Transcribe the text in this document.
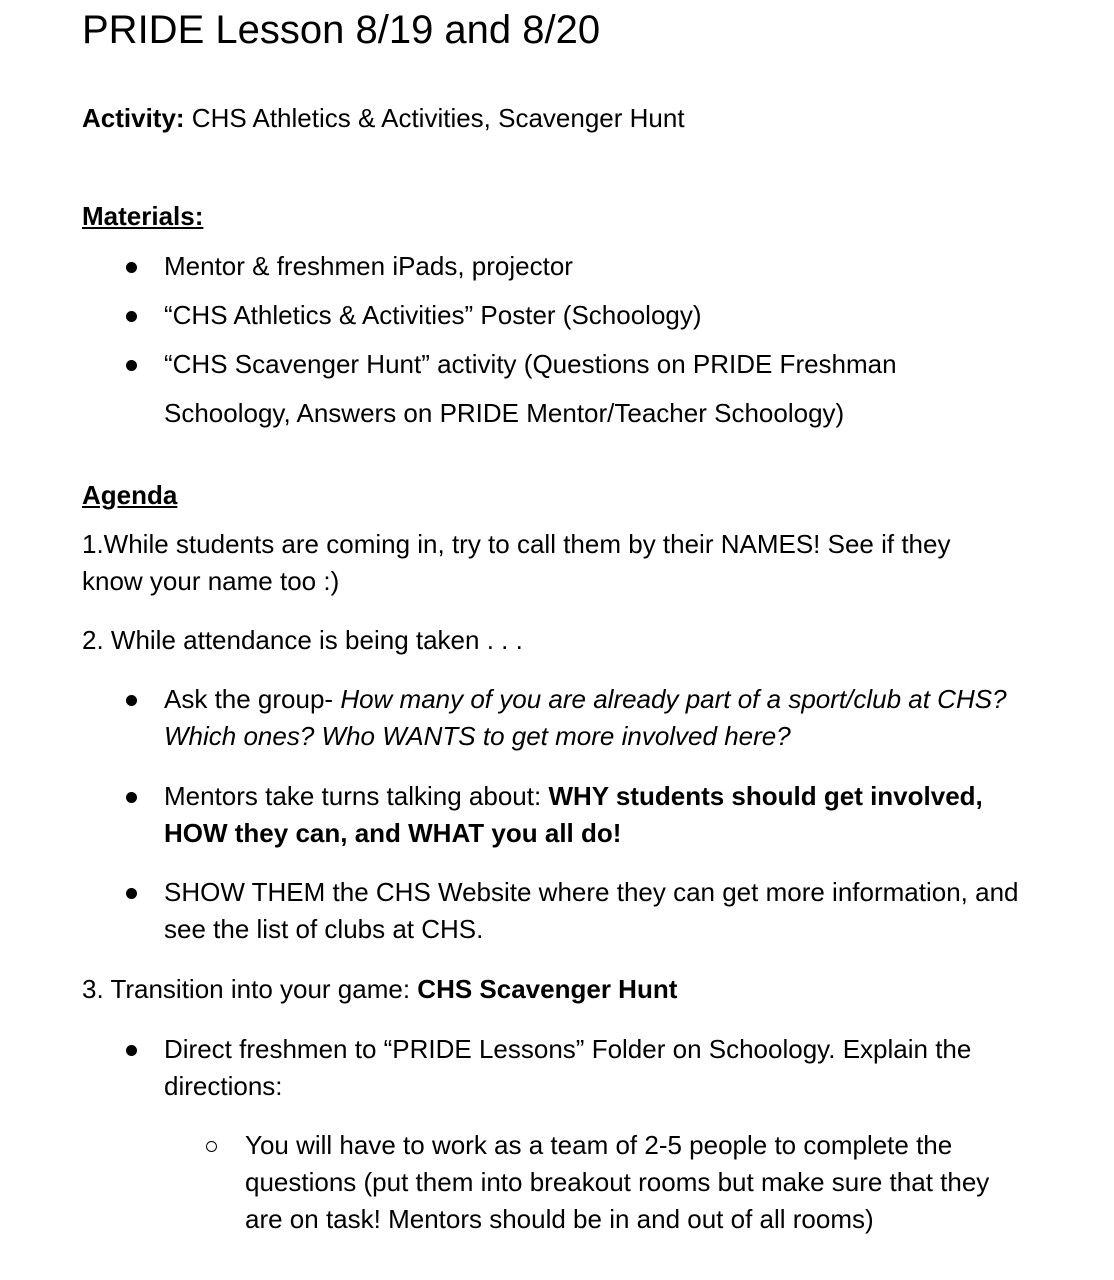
PRIDE Lesson 8/19 and 8/20
Activity: CHS Athletics & Activities, Scavenger Hunt
Materials:
Mentor & freshmen iPads, projector
“CHS Athletics & Activities” Poster (Schoology)
“CHS Scavenger Hunt” activity (Questions on PRIDE Freshman
Schoology, Answers on PRIDE Mentor/Teacher Schoology)
Agenda
1.While students are coming in, try to call them by their NAMES! See if they
know your name too :)
2. While attendance is being taken . . .
Ask the group- How many of you are already part of a sport/club at CHS?
Which ones? Who WANTS to get more involved here?
Mentors take turns talking about: WHY students should get involved,
HOW they can, and WHAT you all do!
SHOW THEM the CHS Website where they can get more information, and
see the list of clubs at CHS.
3. Transition into your game: CHS Scavenger Hunt
Direct freshmen to “PRIDE Lessons” Folder on Schoology. Explain the
directions:
You will have to work as a team of 2-5 people to complete the
questions (put them into breakout rooms but make sure that they
are on task! Mentors should be in and out of all rooms)
